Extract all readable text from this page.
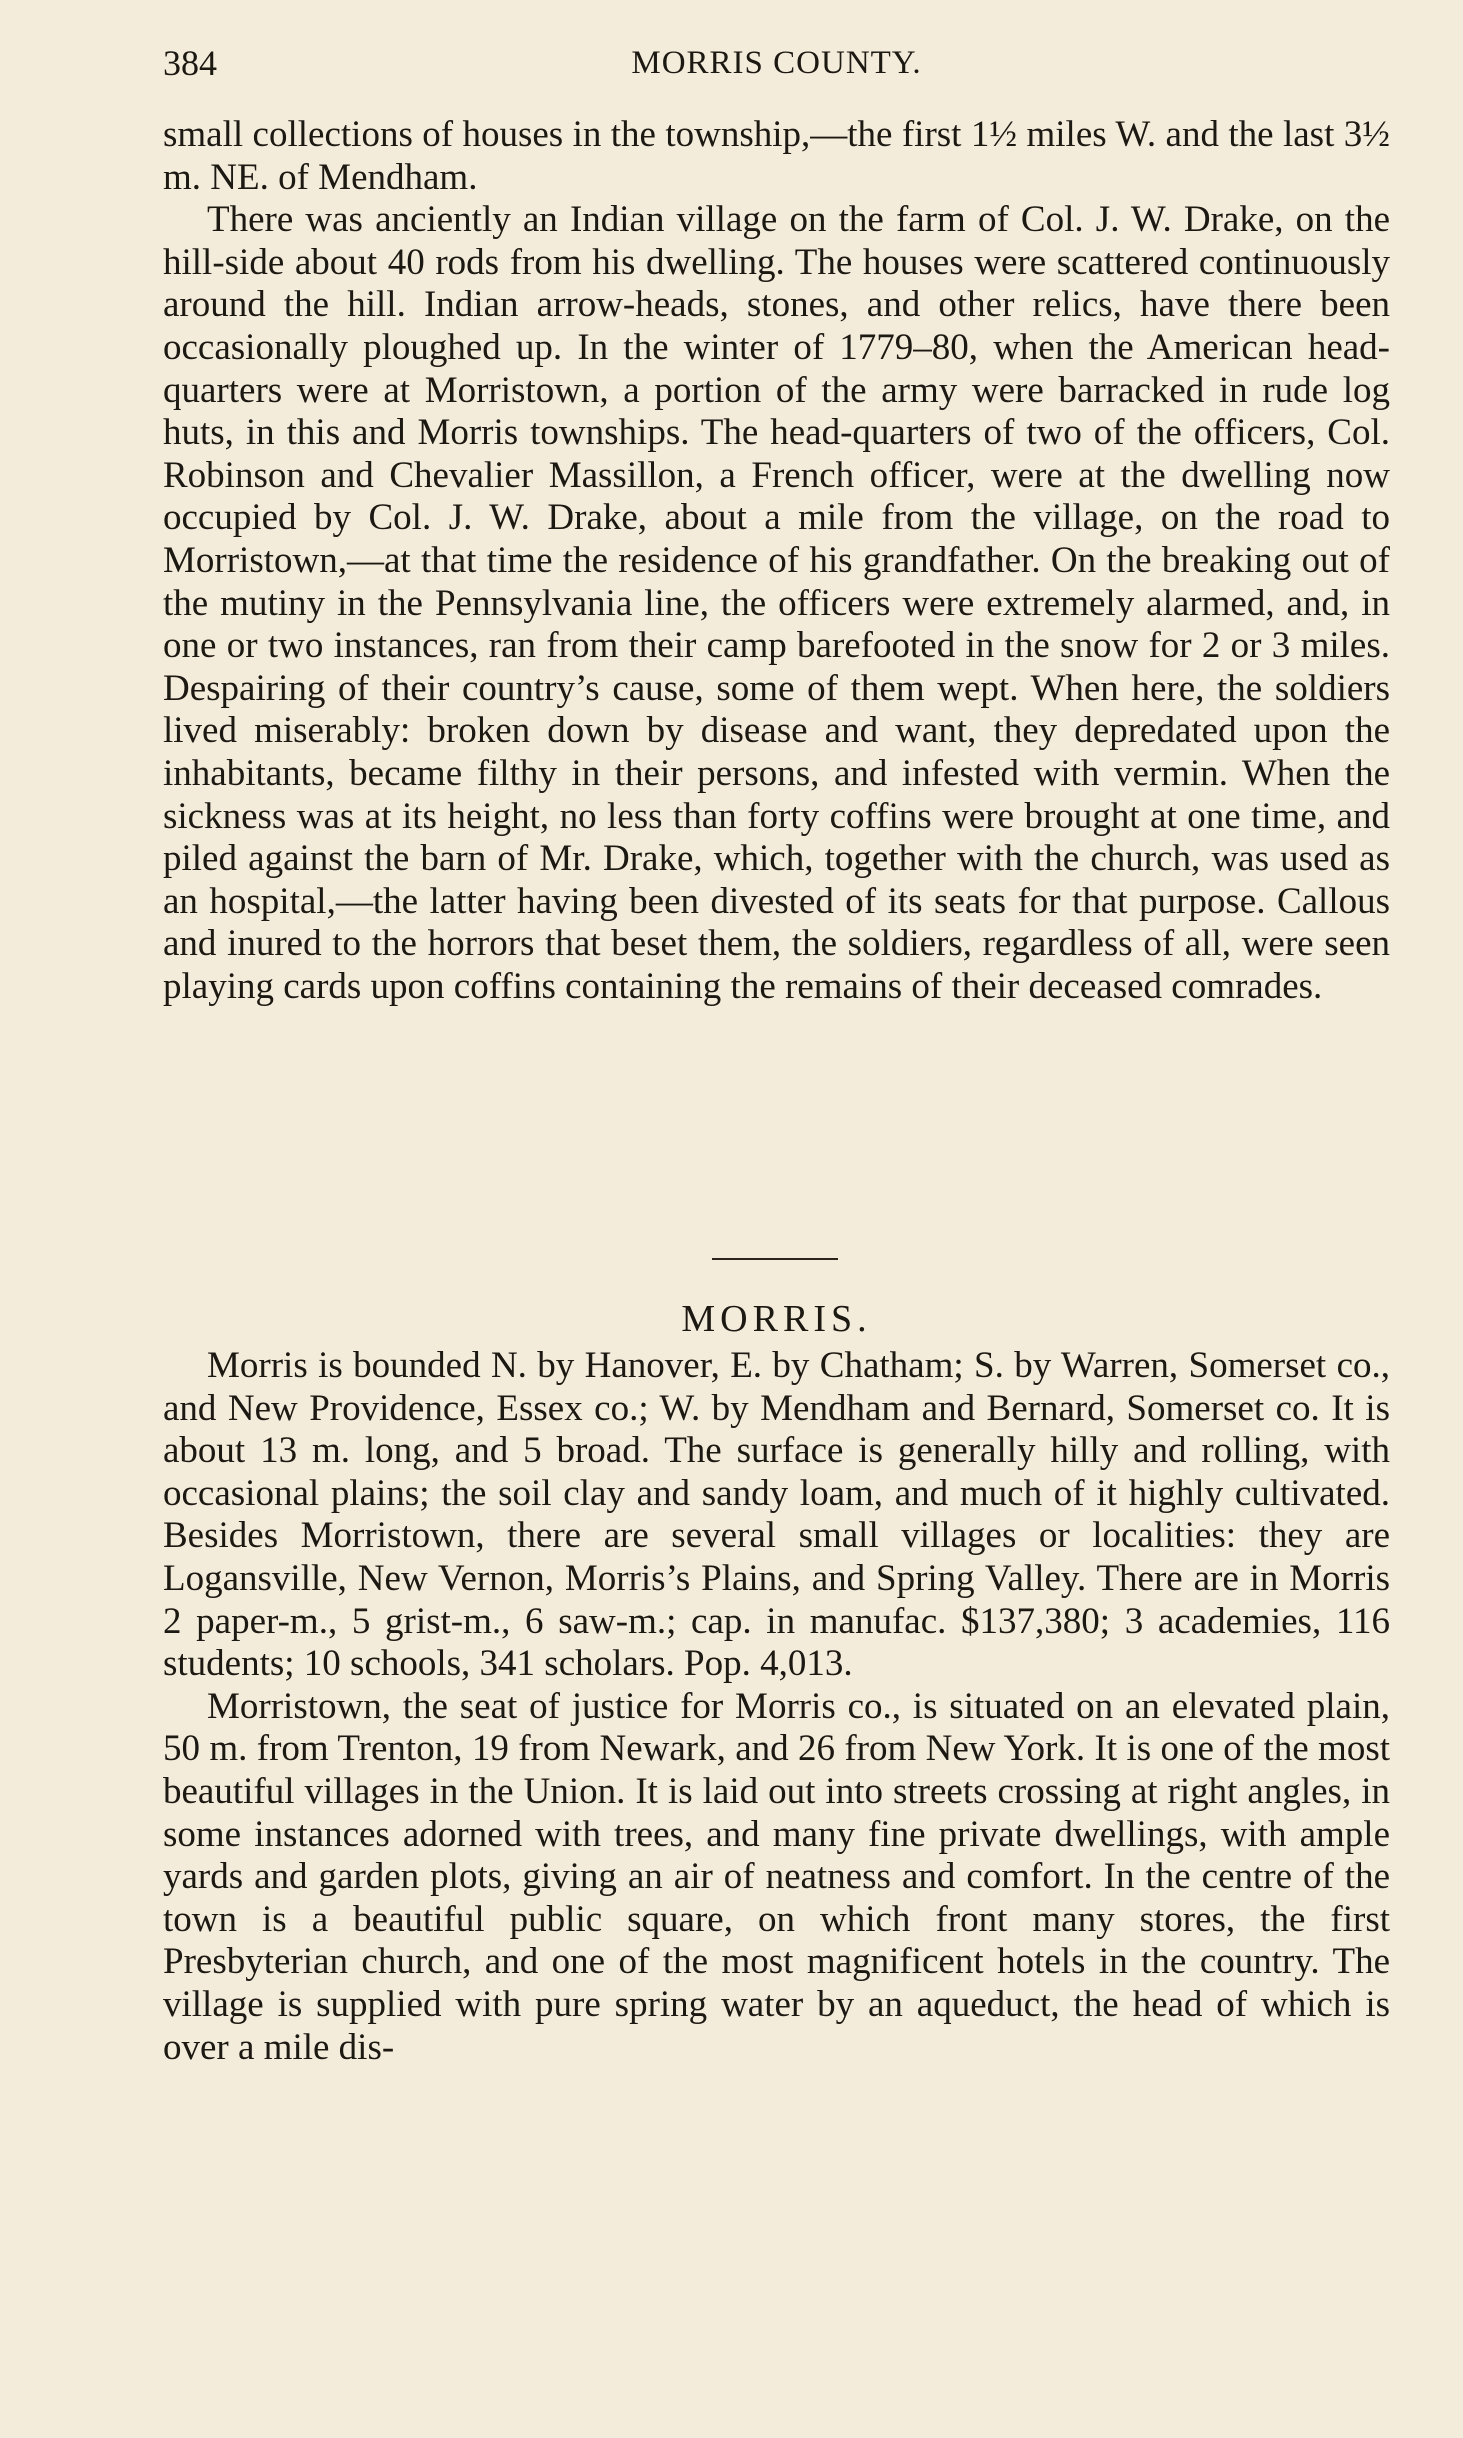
384	MORRIS COUNTY.

small collections of houses in the township,—the first 1½ miles W. and the last 3½ m. NE. of Mendham.

There was anciently an Indian village on the farm of Col. J. W. Drake, on the hill-side about 40 rods from his dwelling. The houses were scattered continuously around the hill. Indian arrow-heads, stones, and other relics, have there been occasionally ploughed up. In the winter of 1779–80, when the American head-quarters were at Morristown, a portion of the army were barracked in rude log huts, in this and Morris townships. The head-quarters of two of the officers, Col. Robinson and Chevalier Massillon, a French officer, were at the dwelling now occupied by Col. J. W. Drake, about a mile from the village, on the road to Morristown,—at that time the residence of his grandfather. On the breaking out of the mutiny in the Pennsylvania line, the officers were extremely alarmed, and, in one or two instances, ran from their camp barefooted in the snow for 2 or 3 miles. Despairing of their country’s cause, some of them wept. When here, the soldiers lived miserably: broken down by disease and want, they depredated upon the inhabitants, became filthy in their persons, and infested with vermin. When the sickness was at its height, no less than forty coffins were brought at one time, and piled against the barn of Mr. Drake, which, together with the church, was used as an hospital,—the latter having been divested of its seats for that purpose. Callous and inured to the horrors that beset them, the soldiers, regardless of all, were seen playing cards upon coffins containing the remains of their deceased comrades.

MORRIS.

Morris is bounded N. by Hanover, E. by Chatham; S. by Warren, Somerset co., and New Providence, Essex co.; W. by Mendham and Bernard, Somerset co. It is about 13 m. long, and 5 broad. The surface is generally hilly and rolling, with occasional plains; the soil clay and sandy loam, and much of it highly cultivated. Besides Morristown, there are several small villages or localities: they are Logansville, New Vernon, Morris’s Plains, and Spring Valley. There are in Morris 2 paper-m., 5 grist-m., 6 saw-m.; cap. in manufac. $137,380; 3 academies, 116 students; 10 schools, 341 scholars. Pop. 4,013.

Morristown, the seat of justice for Morris co., is situated on an elevated plain, 50 m. from Trenton, 19 from Newark, and 26 from New York. It is one of the most beautiful villages in the Union. It is laid out into streets crossing at right angles, in some instances adorned with trees, and many fine private dwellings, with ample yards and garden plots, giving an air of neatness and comfort. In the centre of the town is a beautiful public square, on which front many stores, the first Presbyterian church, and one of the most magnificent hotels in the country. The village is supplied with pure spring water by an aqueduct, the head of which is over a mile dis-
